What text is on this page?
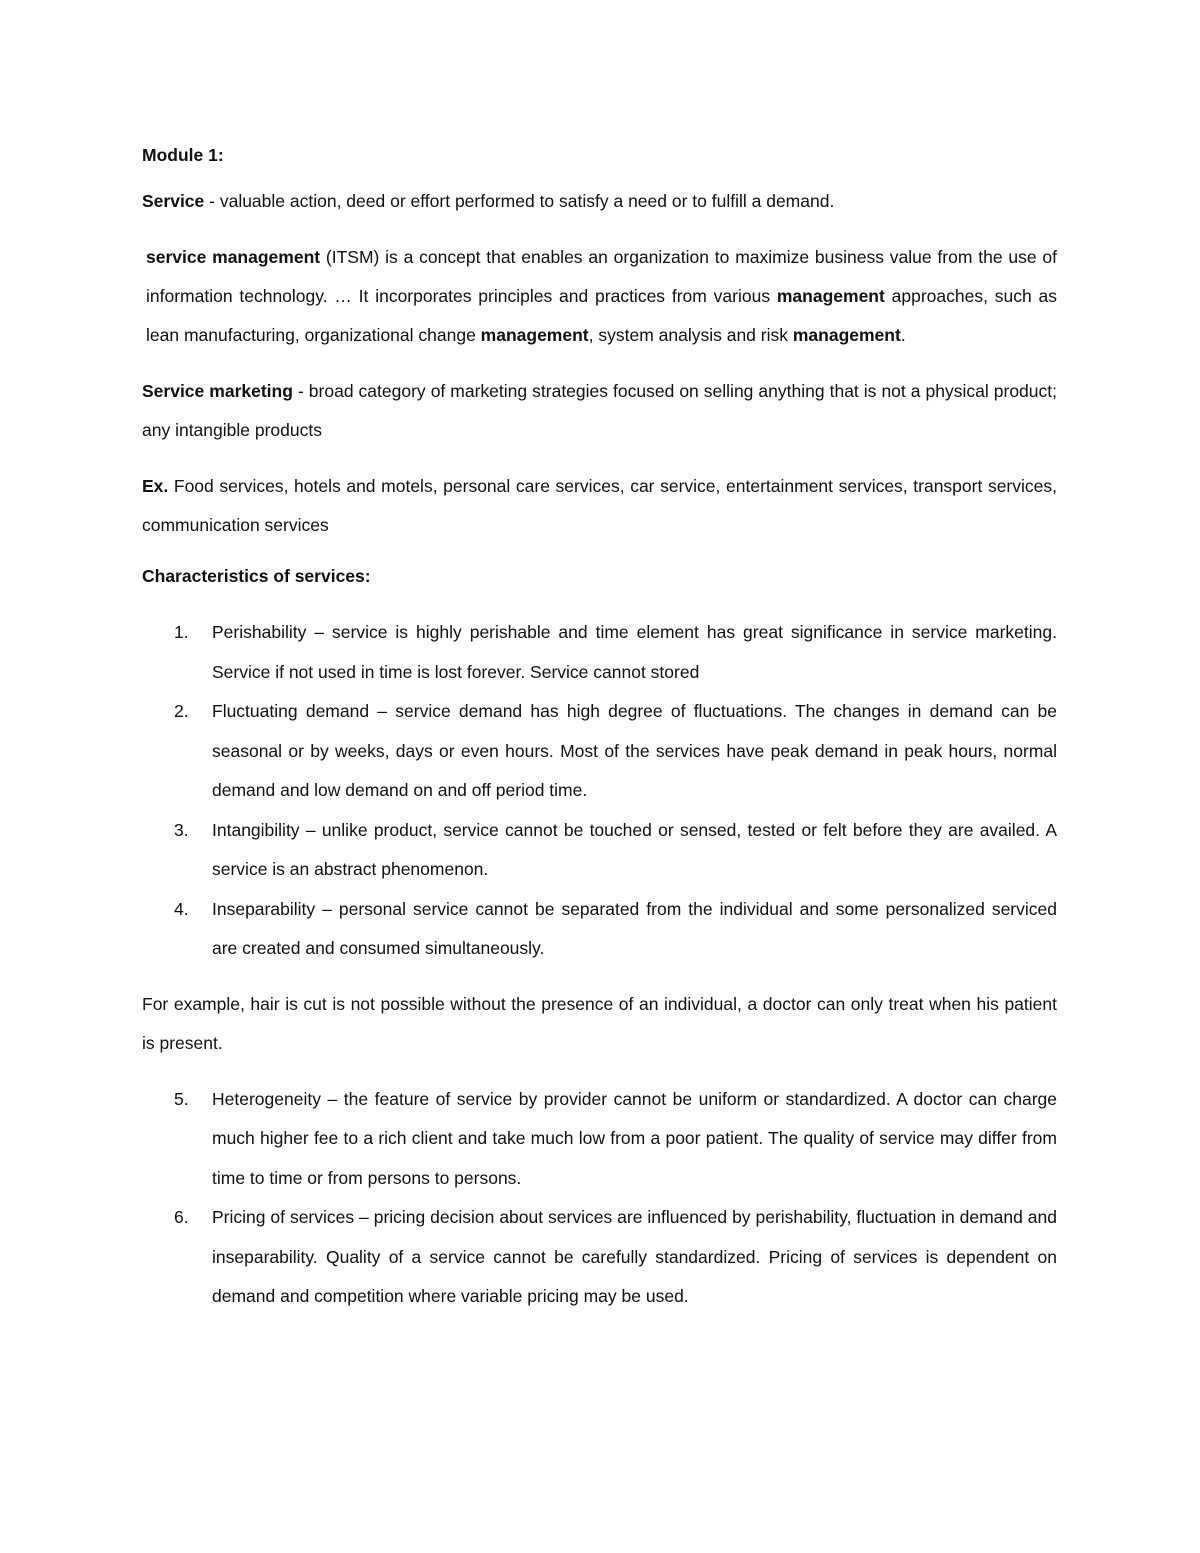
Module 1:

Service - valuable action, deed or effort performed to satisfy a need or to fulfill a demand.

service management (ITSM) is a concept that enables an organization to maximize business value from the use of information technology. … It incorporates principles and practices from various management approaches, such as lean manufacturing, organizational change management, system analysis and risk management.

Service marketing - broad category of marketing strategies focused on selling anything that is not a physical product; any intangible products

Ex. Food services, hotels and motels, personal care services, car service, entertainment services, transport services, communication services

Characteristics of services:

1. Perishability – service is highly perishable and time element has great significance in service marketing. Service if not used in time is lost forever. Service cannot stored
2. Fluctuating demand – service demand has high degree of fluctuations. The changes in demand can be seasonal or by weeks, days or even hours. Most of the services have peak demand in peak hours, normal demand and low demand on and off period time.
3. Intangibility – unlike product, service cannot be touched or sensed, tested or felt before they are availed. A service is an abstract phenomenon.
4. Inseparability – personal service cannot be separated from the individual and some personalized serviced are created and consumed simultaneously.

For example, hair is cut is not possible without the presence of an individual, a doctor can only treat when his patient is present.

5. Heterogeneity – the feature of service by provider cannot be uniform or standardized. A doctor can charge much higher fee to a rich client and take much low from a poor patient. The quality of service may differ from time to time or from persons to persons.
6. Pricing of services – pricing decision about services are influenced by perishability, fluctuation in demand and inseparability. Quality of a service cannot be carefully standardized. Pricing of services is dependent on demand and competition where variable pricing may be used.
